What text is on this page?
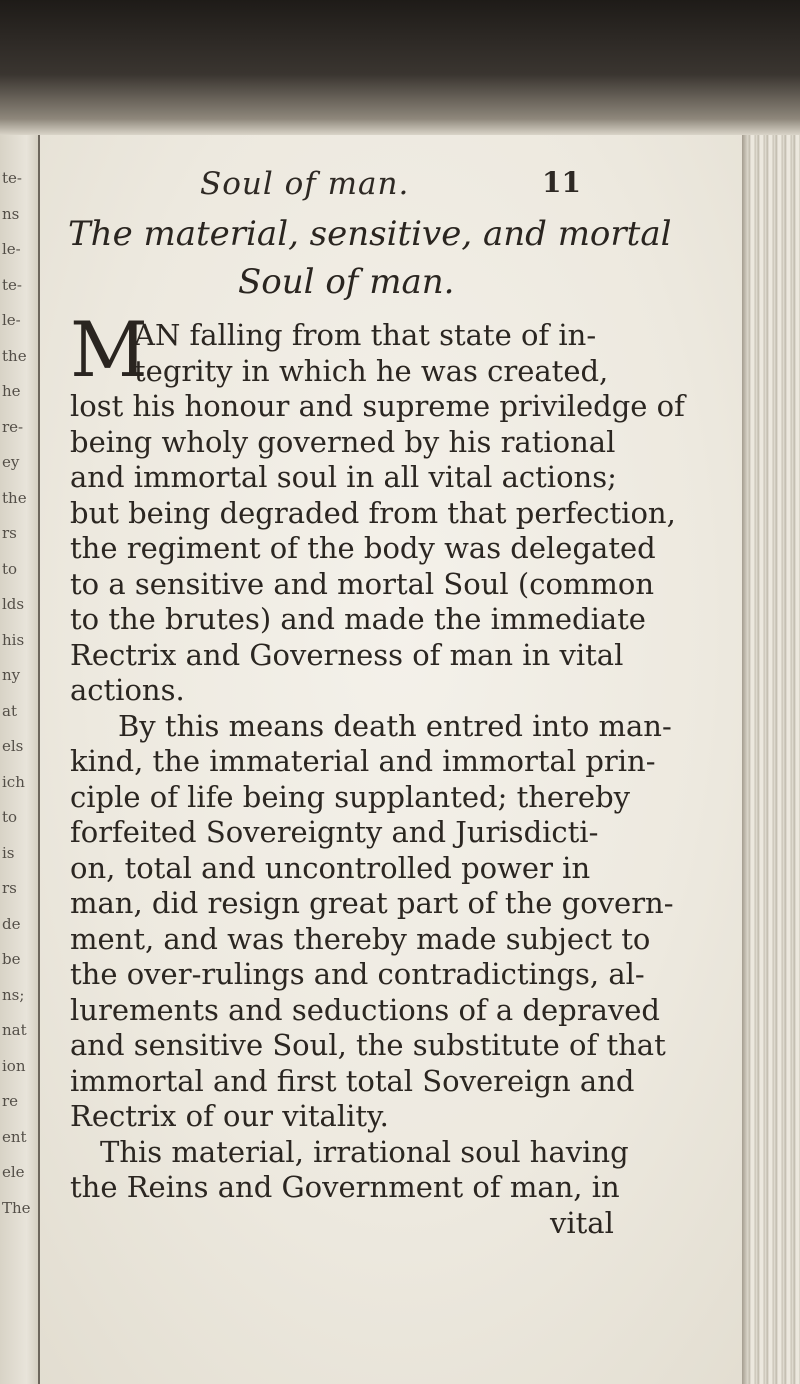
te-
ns
le-
te-
le-
the
he
re-
ey
the
rs
to
lds
his
ny
at
els
ich
to
is
rs
de
be
ns;
nat
ion
re
ent
ele
The
Soul of man.	11
The material, sensitive, and mortal
Soul of man.
M
AN falling from that state of in-
tegrity in which he was created,
lost his honour and supreme priviledge of
being wholy governed by his rational
and immortal soul in all vital actions;
but being degraded from that perfection,
the regiment of the body was delegated
to a sensitive and mortal Soul (common
to the brutes) and made the immediate
Rectrix and Governess of man in vital
actions.
By this means death entred into man-
kind, the immaterial and immortal prin-
ciple of life being supplanted; thereby
forfeited Sovereignty and Jurisdicti-
on, total and uncontrolled power in
man, did resign great part of the govern-
ment, and was thereby made subject to
the over-rulings and contradictings, al-
lurements and seductions of a depraved
and sensitive Soul, the substitute of that
immortal and first total Sovereign and
Rectrix of our vitality.
This material, irrational soul having
the Reins and Government of man, in
vital
